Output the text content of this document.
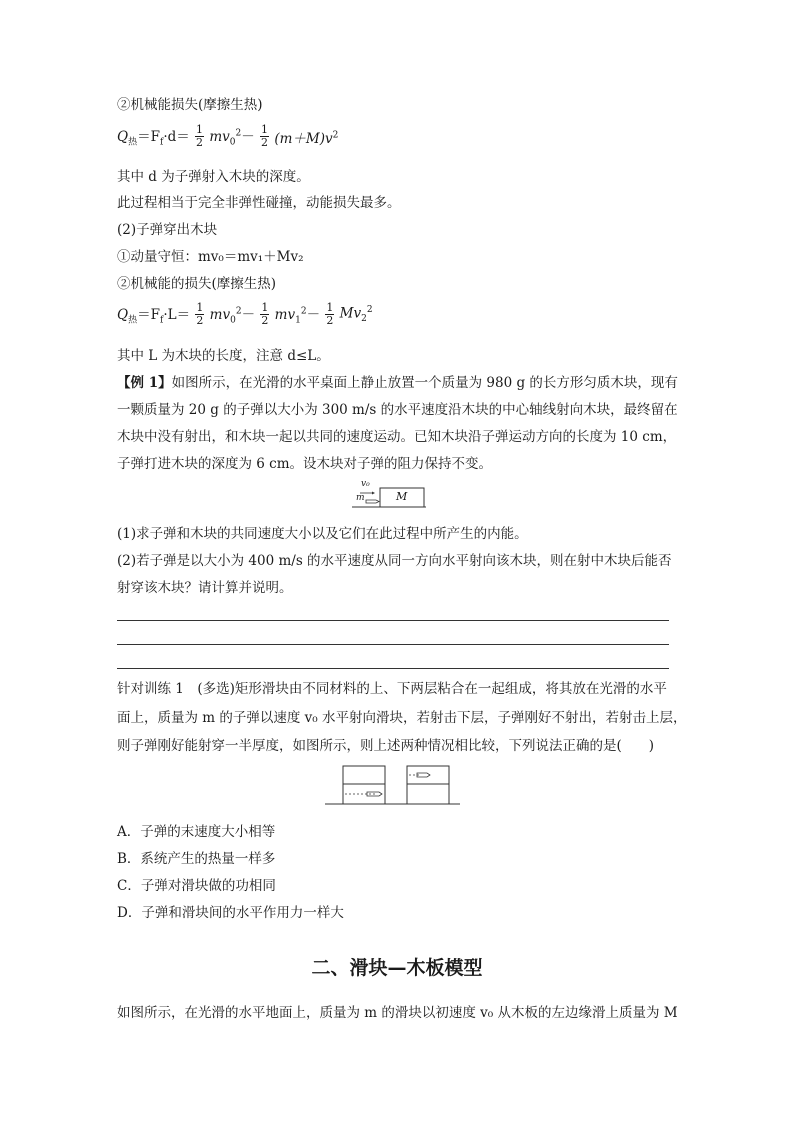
②机械能损失(摩擦生热)
$Q_热=F_f\cdot d= \frac{1}{2} mv_0^2- \frac{1}{2} (m+M)v^2$
其中 d 为子弹射入木块的深度。
此过程相当于完全非弹性碰撞，动能损失最多。
(2)子弹穿出木块
①动量守恒：mv₀＝mv₁＋Mv₂
②机械能的损失(摩擦生热)
$Q_热=F_f\cdot L= \frac{1}{2} mv_0^2- \frac{1}{2} mv_1^2- \frac{1}{2} Mv_2^2$
其中 L 为木块的长度，注意 d≤L。
【例 1】如图所示，在光滑的水平桌面上静止放置一个质量为 980 g 的长方形匀质木块，现有
一颗质量为 20 g 的子弹以大小为 300 m/s 的水平速度沿木块的中心轴线射向木块，最终留在
木块中没有射出，和木块一起以共同的速度运动。已知木块沿子弹运动方向的长度为 10 cm，
子弹打进木块的深度为 6 cm。设木块对子弹的阻力保持不变。
v₀
m	M
(1)求子弹和木块的共同速度大小以及它们在此过程中所产生的内能。
(2)若子弹是以大小为 400 m/s 的水平速度从同一方向水平射向该木块，则在射中木块后能否
射穿该木块？请计算并说明。
针对训练 1　(多选)矩形滑块由不同材料的上、下两层粘合在一起组成，将其放在光滑的水平
面上，质量为 m 的子弹以速度 v₀ 水平射向滑块，若射击下层，子弹刚好不射出，若射击上层，
则子弹刚好能射穿一半厚度，如图所示，则上述两种情况相比较，下列说法正确的是(　　)
A．子弹的末速度大小相等
B．系统产生的热量一样多
C．子弹对滑块做的功相同
D．子弹和滑块间的水平作用力一样大
二、滑块—木板模型
如图所示，在光滑的水平地面上，质量为 m 的滑块以初速度 v₀ 从木板的左边缘滑上质量为 M
